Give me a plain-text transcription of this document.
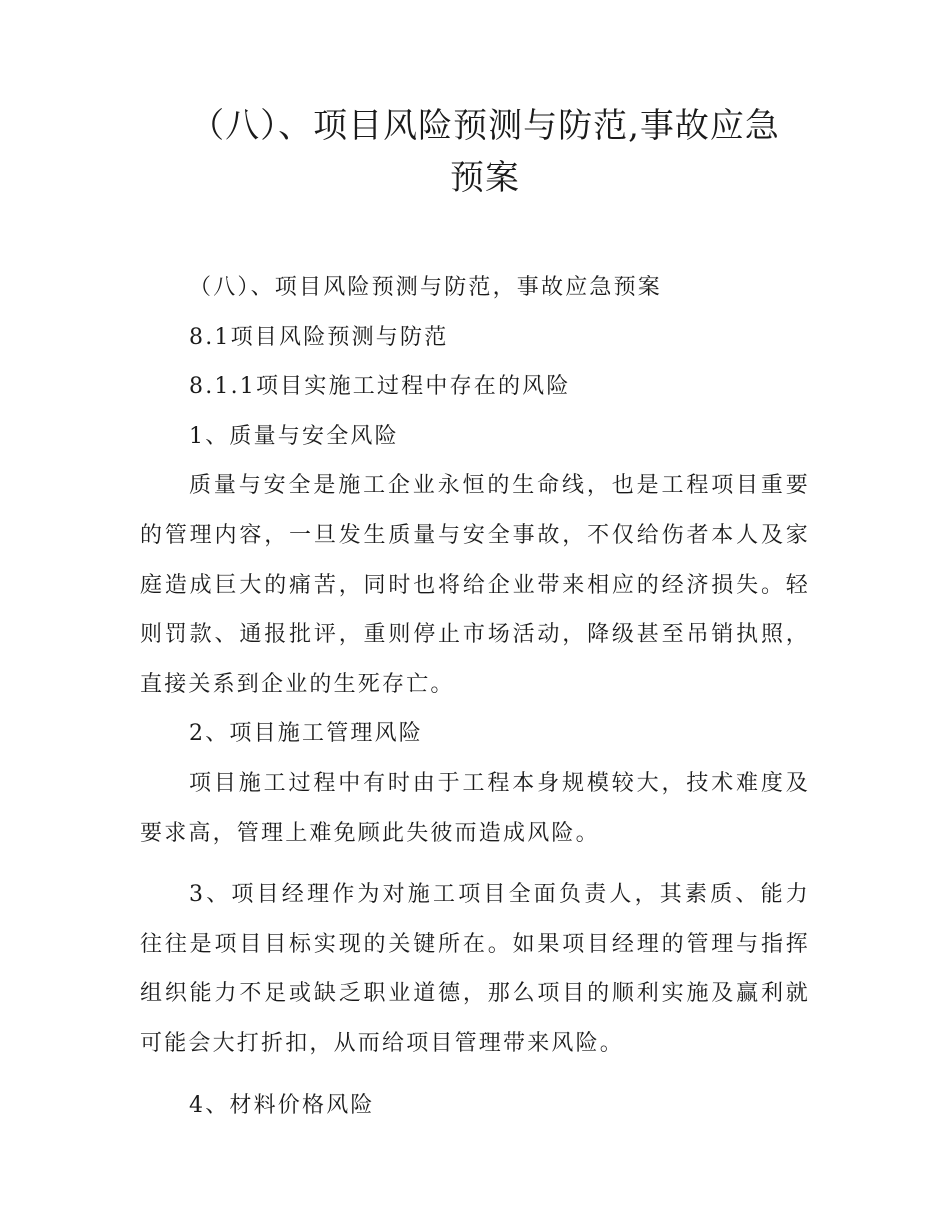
（八）、项目风险预测与防范,事故应急预案

（八）、项目风险预测与防范，事故应急预案

8.1项目风险预测与防范

8.1.1项目实施工过程中存在的风险

1、质量与安全风险

质量与安全是施工企业永恒的生命线，也是工程项目重要的管理内容，一旦发生质量与安全事故，不仅给伤者本人及家庭造成巨大的痛苦，同时也将给企业带来相应的经济损失。轻则罚款、通报批评，重则停止市场活动，降级甚至吊销执照，直接关系到企业的生死存亡。

2、项目施工管理风险

项目施工过程中有时由于工程本身规模较大，技术难度及要求高，管理上难免顾此失彼而造成风险。

3、项目经理作为对施工项目全面负责人，其素质、能力往往是项目目标实现的关键所在。如果项目经理的管理与指挥组织能力不足或缺乏职业道德，那么项目的顺利实施及赢利就可能会大打折扣，从而给项目管理带来风险。

4、材料价格风险
